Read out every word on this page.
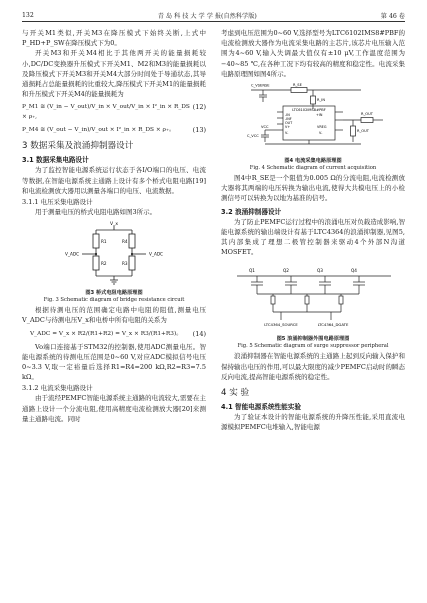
132	青 岛 科 技 大 学 学 报(自然科学版)	第 46 卷

与开关M1类似,开关M3在降压模式下始终关断,上式中P_HD+P_SW在降压模式下为0。

开关M3和开关M4相比于其他两开关的能量损耗较小,DC/DC变换器升压模式下开关M1、M2和M3的能量损耗以及降压模式下开关M3和开关M4大部分时间处于导通状态,其导通损耗占总能量损耗的比重较大,降压模式下开关M1的能量损耗和升压模式下开关M4的能量损耗为

P_M1 ≅ (V_in − V_out)/V_in × V_out/V_in × I²_in × R_DS × ρ₊,
(12)
P_M4 ≅ (V_out − V_in)/V_out × I²_in × R_DS × ρ₊。	(13)
3 数据采集及浪涌抑制器设计
3.1 数据采集电路设计

为了监控智能电源系统运行状态于各I/O端口的电压、电流等数据,在智能电源系统主通路上设计有多个桥式电阻电路[19]和电流检测放大器用以测量各端口的电压、电流数据。

3.1.1 电压采集电路设计

用于测量电压的桥式电阻电路如图3所示。

V_x
V_ADC	V_ADC
R1	R4
R2	R3

图3 桥式电阻电路原理图

Fig. 3 Schematic diagram of bridge resistance circuit

根据待测电压的范围确定电路中电阻的阻值,测量电压V_ADC与待测电压V_x和电桥中所有电阻的关系为

V_ADC = V_x × R2/(R1+R2) = V_x × R3/(R1+R3)。 (14)

Vo端口连接基于STM32的控制器,使用ADC测量电压。智能电源系统的待测电压范围是0~60 V,对应ADC模拟信号电压0~3.3 V,取一定裕量后选择R1=R4=200 kΩ,R2=R3=7.5 kΩ。

3.1.2 电流采集电路设计

由于流经PEMFC智能电源系统主通路的电流较大,需要在主通路上设计一个分流电阻,使用高精度电流检测放大器[20]来测量主通路电流。同时

考虑到电压范围为0~60 V,选择型号为LTC6102IMS8#PBF的电流检测放大器作为电流采集电路的主芯片,该芯片电压输入范围为4~60 V,输入失调最大值仅有±10 μV,工作温度范围为−40~85 ℃,在各种工况下均有较高的精度和稳定性。电流采集电路原理图如图4所示。

C_VSENSE	R_SE
R_IN
LTC6102IMS8#PBF
-IN	+IN
-INF
OUT
V+	VREG
V-	V-
R_OUT
R_OUT
C_VCC
VCC

图4 电流采集电路原理图

Fig. 4 Schematic diagram of current acquisition

图4中R_SE是一个阻值为0.005 Ω的分流电阻,电流检测放大器将其两端的电压转换为输出电流,使得大共模电压上的小检测信号可以转换为以地为基准的信号。

3.2 浪涌抑制器设计

为了防止PEMFC运行过程中的浪涌电压对负载造成影响,智能电源系统的输出端设计有基于LTC4364的浪涌抑制器,见图5,其内部集成了理想二极管控制器来驱动4个外部N沟道MOSFET。

Q1	Q2	Q3	Q4
LTC4364_SOURCE	LTC4364_DGATE

图5 浪涌抑制器外围电路原理图

Fig. 5 Schematic diagram of surge suppressor peripheral

浪涌抑制器在智能电源系统的主通路上起到反向输入保护和保持输出电压的作用,可以最大限度的减少PEMFC启动时的瞬态反向电流,提高智能电源系统的稳定性。

4 实 验
4.1 智能电源系统性能实验

为了验证本设计的智能电源系统的升降压性能,采用直流电源模拟PEMFC电堆输入,智能电源
